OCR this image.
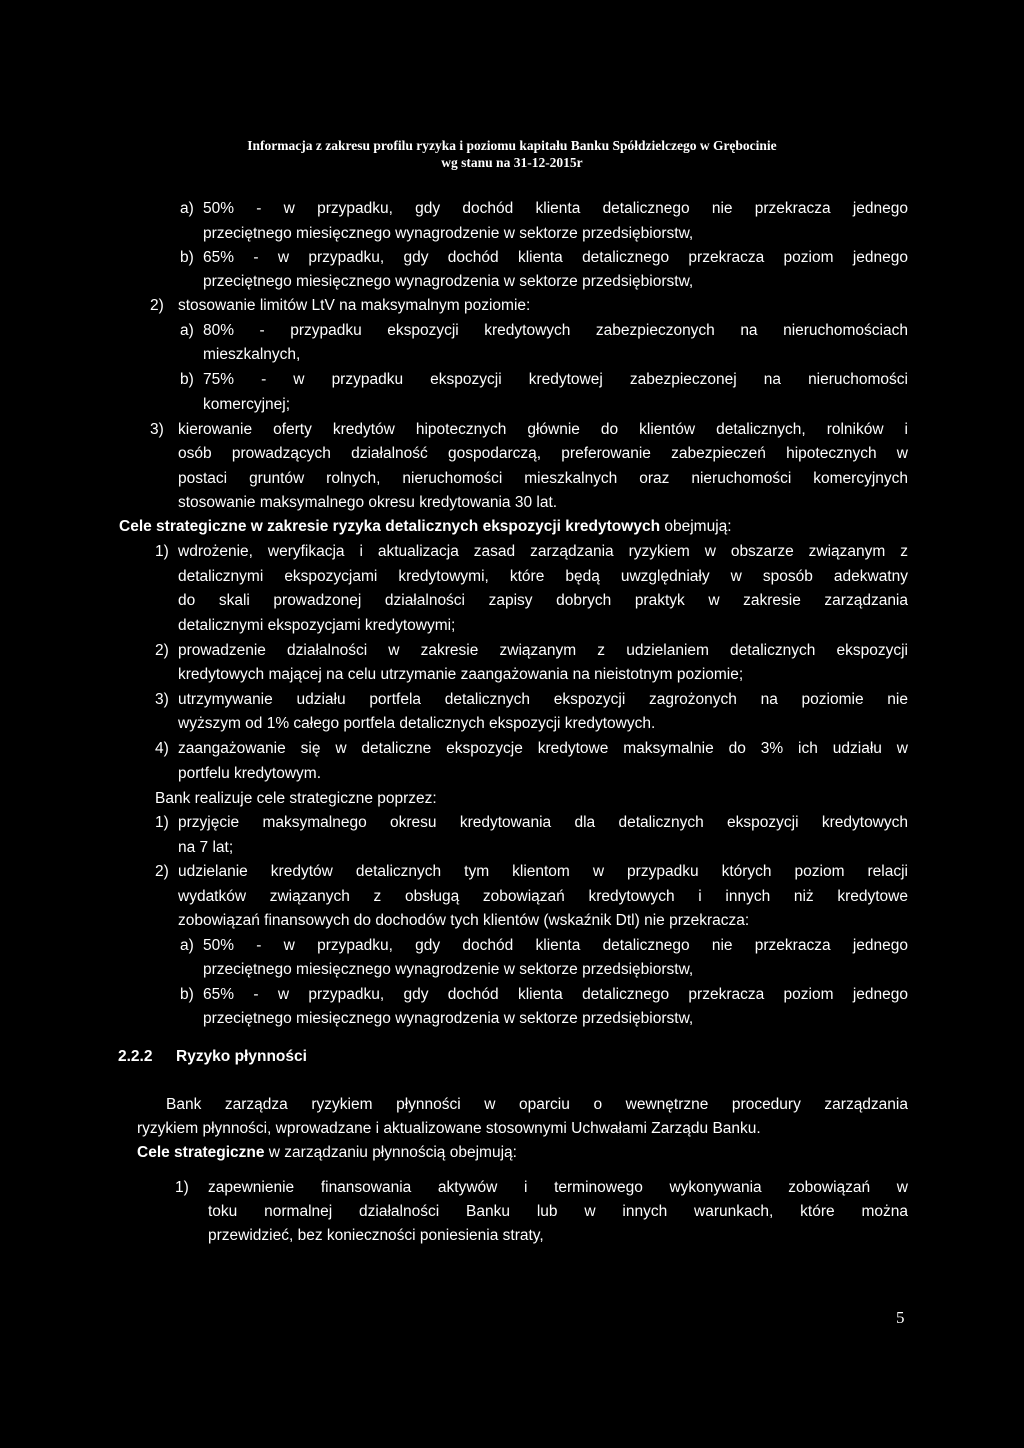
Informacja z zakresu profilu ryzyka i poziomu kapitału Banku Spółdzielczego w Grębocinie
wg stanu na 31-12-2015r
a) 50% - w przypadku, gdy dochód klienta detalicznego nie przekracza jednego
przeciętnego miesięcznego wynagrodzenie w sektorze przedsiębiorstw,
b) 65% - w przypadku, gdy dochód klienta detalicznego przekracza poziom jednego
przeciętnego miesięcznego wynagrodzenia w sektorze przedsiębiorstw,
2) stosowanie limitów LtV na maksymalnym poziomie:
a) 80% - przypadku ekspozycji kredytowych zabezpieczonych na nieruchomościach
mieszkalnych,
b) 75% - w przypadku ekspozycji kredytowej zabezpieczonej na nieruchomości
komercyjnej;
3) kierowanie oferty kredytów hipotecznych głównie do klientów detalicznych, rolników i
osób prowadzących działalność gospodarczą, preferowanie zabezpieczeń hipotecznych w
postaci gruntów rolnych, nieruchomości mieszkalnych oraz nieruchomości komercyjnych
stosowanie maksymalnego okresu kredytowania 30 lat.
Cele strategiczne w zakresie ryzyka detalicznych ekspozycji kredytowych obejmują:
1) wdrożenie, weryfikacja i aktualizacja zasad zarządzania ryzykiem w obszarze związanym z
detalicznymi ekspozycjami kredytowymi, które będą uwzględniały w sposób adekwatny
do skali prowadzonej działalności zapisy dobrych praktyk w zakresie zarządzania
detalicznymi ekspozycjami kredytowymi;
2) prowadzenie działalności w zakresie związanym z udzielaniem detalicznych ekspozycji
kredytowych mającej na celu utrzymanie zaangażowania na nieistotnym poziomie;
3) utrzymywanie udziału portfela detalicznych ekspozycji zagrożonych na poziomie nie
wyższym od 1% całego portfela detalicznych ekspozycji kredytowych.
4) zaangażowanie się w detaliczne ekspozycje kredytowe maksymalnie do 3% ich udziału w
portfelu kredytowym.
Bank realizuje cele strategiczne poprzez:
1) przyjęcie maksymalnego okresu kredytowania dla detalicznych ekspozycji kredytowych
na 7 lat;
2) udzielanie kredytów detalicznych tym klientom w przypadku których poziom relacji
wydatków związanych z obsługą zobowiązań kredytowych i innych niż kredytowe
zobowiązań finansowych do dochodów tych klientów (wskaźnik Dtl) nie przekracza:
a) 50% - w przypadku, gdy dochód klienta detalicznego nie przekracza jednego
przeciętnego miesięcznego wynagrodzenie w sektorze przedsiębiorstw,
b) 65% - w przypadku, gdy dochód klienta detalicznego przekracza poziom jednego
przeciętnego miesięcznego wynagrodzenia w sektorze przedsiębiorstw,
2.2.2 Ryzyko płynności
Bank zarządza ryzykiem płynności w oparciu o wewnętrzne procedury zarządzania
ryzykiem płynności, wprowadzane i aktualizowane stosownymi Uchwałami Zarządu Banku.
Cele strategiczne w zarządzaniu płynnością obejmują:
1) zapewnienie finansowania aktywów i terminowego wykonywania zobowiązań w
toku normalnej działalności Banku lub w innych warunkach, które można
przewidzieć, bez konieczności poniesienia straty,
5
